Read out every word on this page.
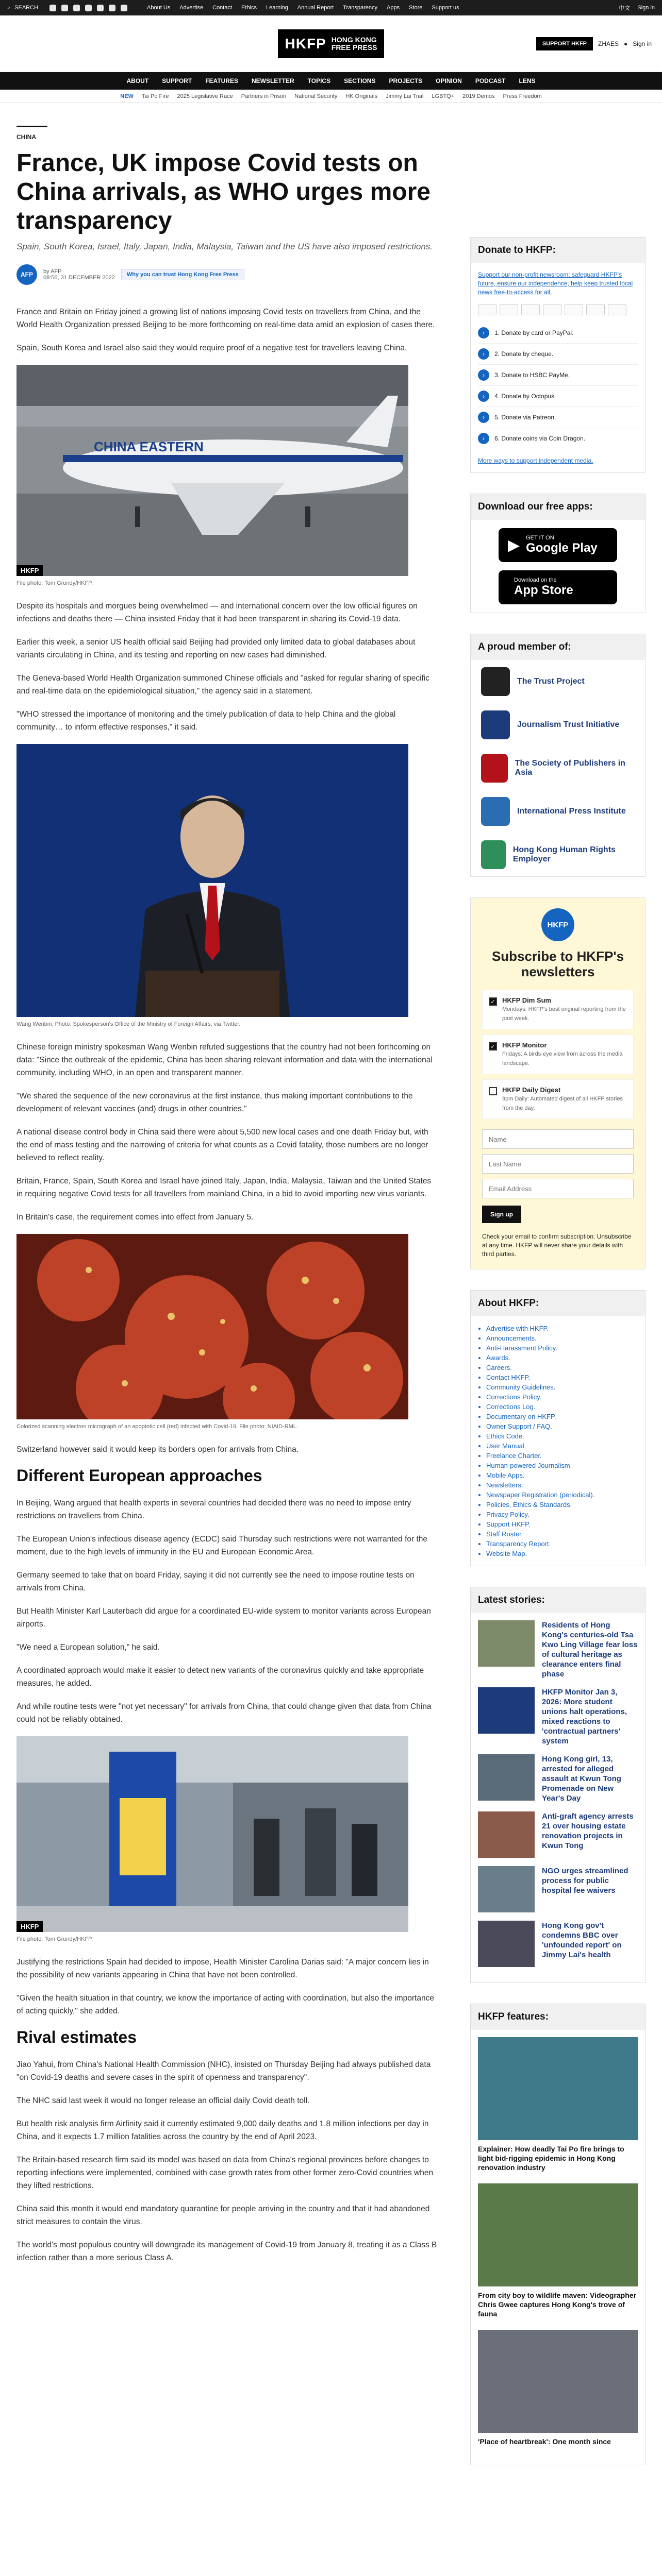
⌕ SEARCH	About Us Advertise Contact Ethics Learning Annual Report Transparency Apps Store Support us	中文 Sign in
HKFP HONG KONG
FREE PRESS	SUPPORT HKFP	ZHAES ● Sign in
ABOUT SUPPORT FEATURES NEWSLETTER TOPICS SECTIONS PROJECTS OPINION PODCAST LENS
NEW Tai Po Fire 2025 Legislative Race Partners in Prison National Security HK Originals Jimmy Lai Trial LGBTQ+ 2019 Demos Press Freedom
CHINA
France, UK impose Covid tests on China arrivals, as WHO urges more transparency
Spain, South Korea, Israel, Italy, Japan, India, Malaysia, Taiwan and the US have also imposed restrictions.
AFP	by AFP
08:56, 31 DECEMBER 2022	Why you can trust Hong Kong Free Press

France and Britain on Friday joined a growing list of nations imposing Covid tests on travellers from China, and the World Health Organization pressed Beijing to be more forthcoming on real-time data amid an explosion of cases there.

Spain, South Korea and Israel also said they would require proof of a negative test for travellers leaving China.

CHINA EASTERN
HKFP
File photo: Tom Grundy/HKFP.

Despite its hospitals and morgues being overwhelmed — and international concern over the low official figures on infections and deaths there — China insisted Friday that it had been transparent in sharing its Covid-19 data.

Earlier this week, a senior US health official said Beijing had provided only limited data to global databases about variants circulating in China, and its testing and reporting on new cases had diminished.

The Geneva-based World Health Organization summoned Chinese officials and "asked for regular sharing of specific and real-time data on the epidemiological situation," the agency said in a statement.

"WHO stressed the importance of monitoring and the timely publication of data to help China and the global community… to inform effective responses," it said.

Wang Wenbin. Photo: Spokesperson's Office of the Ministry of Foreign Affairs, via Twitter.

Chinese foreign ministry spokesman Wang Wenbin refuted suggestions that the country had not been forthcoming on data: "Since the outbreak of the epidemic, China has been sharing relevant information and data with the international community, including WHO, in an open and transparent manner.

"We shared the sequence of the new coronavirus at the first instance, thus making important contributions to the development of relevant vaccines (and) drugs in other countries."

A national disease control body in China said there were about 5,500 new local cases and one death Friday but, with the end of mass testing and the narrowing of criteria for what counts as a Covid fatality, those numbers are no longer believed to reflect reality.

Britain, France, Spain, South Korea and Israel have joined Italy, Japan, India, Malaysia, Taiwan and the United States in requiring negative Covid tests for all travellers from mainland China, in a bid to avoid importing new virus variants.

In Britain's case, the requirement comes into effect from January 5.

Colorized scanning electron micrograph of an apoptotic cell (red) infected with Covid-19. File photo: NIAID-RML.

Switzerland however said it would keep its borders open for arrivals from China.

Different European approaches

In Beijing, Wang argued that health experts in several countries had decided there was no need to impose entry restrictions on travellers from China.

The European Union's infectious disease agency (ECDC) said Thursday such restrictions were not warranted for the moment, due to the high levels of immunity in the EU and European Economic Area.

Germany seemed to take that on board Friday, saying it did not currently see the need to impose routine tests on arrivals from China.

But Health Minister Karl Lauterbach did argue for a coordinated EU-wide system to monitor variants across European airports.

"We need a European solution," he said.

A coordinated approach would make it easier to detect new variants of the coronavirus quickly and take appropriate measures, he added.

And while routine tests were "not yet necessary" for arrivals from China, that could change given that data from China could not be reliably obtained.

HKFP
File photo: Tom Grundy/HKFP.

Justifying the restrictions Spain had decided to impose, Health Minister Carolina Darias said: "A major concern lies in the possibility of new variants appearing in China that have not been controlled.

"Given the health situation in that country, we know the importance of acting with coordination, but also the importance of acting quickly," she added.

Rival estimates

Jiao Yahui, from China's National Health Commission (NHC), insisted on Thursday Beijing had always published data "on Covid-19 deaths and severe cases in the spirit of openness and transparency".

The NHC said last week it would no longer release an official daily Covid death toll.

But health risk analysis firm Airfinity said it currently estimated 9,000 daily deaths and 1.8 million infections per day in China, and it expects 1.7 million fatalities across the country by the end of April 2023.

The Britain-based research firm said its model was based on data from China's regional provinces before changes to reporting infections were implemented, combined with case growth rates from other former zero-Covid countries when they lifted restrictions.

China said this month it would end mandatory quarantine for people arriving in the country and that it had abandoned strict measures to contain the virus.

The world's most populous country will downgrade its management of Covid-19 from January 8, treating it as a Class B infection rather than a more serious Class A.

Donate to HKFP:
Support our non-profit newsroom: safeguard HKFP's future, ensure our independence, help keep trusted local news free-to-access for all.
›	1. Donate by card or PayPal.
›	2. Donate by cheque.
›	3. Donate to HSBC PayMe.
›	4. Donate by Octopus.
›	5. Donate via Patreon.
›	6. Donate coins via Coin Dragon.
More ways to support independent media.
Download our free apps:
▶ GET IT ON
Google Play
Download on the
App Store
A proud member of:
The Trust Project
Journalism Trust Initiative
The Society of Publishers in Asia
International Press Institute
Hong Kong Human Rights Employer
HKFP
Subscribe to HKFP's newsletters
✓ HKFP Dim Sum
Mondays: HKFP's best original reporting from the past week.
✓ HKFP Monitor
Fridays: A birds-eye view from across the media landscape.
HKFP Daily Digest
9pm Daily: Automated digest of all HKFP stories from the day.
Name Last Name Email Address
Sign up
Check your email to confirm subscription. Unsubscribe at any time. HKFP will never share your details with third parties.
About HKFP:
• Advertise with HKFP.
• Announcements.
• Anti-Harassment Policy.
• Awards.
• Careers.
• Contact HKFP.
• Community Guidelines.
• Corrections Policy.
• Corrections Log.
• Documentary on HKFP.
• Owner Support / FAQ.
• Ethics Code.
• User Manual.
• Freelance Charter.
• Human-powered Journalism.
• Mobile Apps.
• Newsletters.
• Newspaper Registration (periodical).
• Policies, Ethics & Standards.
• Privacy Policy.
• Support HKFP.
• Staff Roster.
• Transparency Report.
• Website Map.
Latest stories:
Residents of Hong Kong's centuries-old Tsa Kwo Ling Village fear loss of cultural heritage as clearance enters final phase
HKFP Monitor Jan 3, 2026: More student unions halt operations, mixed reactions to 'contractual partners' system
Hong Kong girl, 13, arrested for alleged assault at Kwun Tong Promenade on New Year's Day
Anti-graft agency arrests 21 over housing estate renovation projects in Kwun Tong
NGO urges streamlined process for public hospital fee waivers
Hong Kong gov't condemns BBC over 'unfounded report' on Jimmy Lai's health
HKFP features:
Explainer: How deadly Tai Po fire brings to light bid-rigging epidemic in Hong Kong renovation industry
From city boy to wildlife maven: Videographer Chris Gwee captures Hong Kong's trove of fauna
'Place of heartbreak': One month since
